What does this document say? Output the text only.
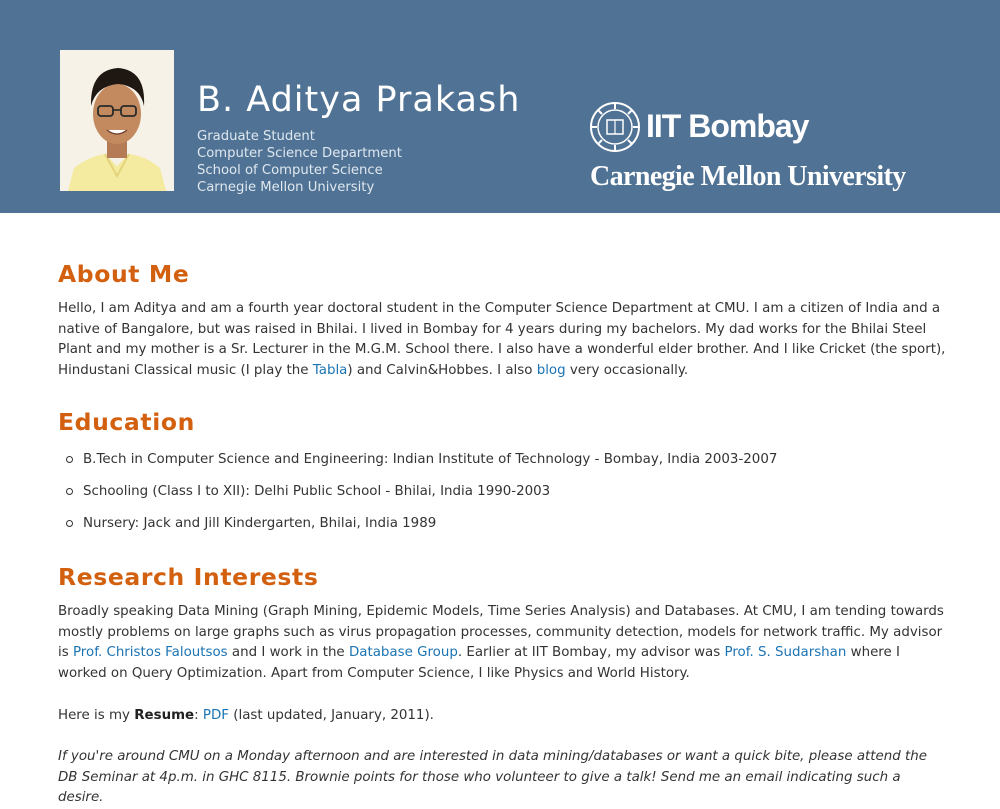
B. Aditya Prakash
Graduate Student
Computer Science Department
School of Computer Science
Carnegie Mellon University
IIT Bombay
Carnegie Mellon University
About Me

Hello, I am Aditya and am a fourth year doctoral student in the Computer Science Department at CMU. I am a citizen of India and a native of Bangalore, but was raised in Bhilai. I lived in Bombay for 4 years during my bachelors. My dad works for the Bhilai Steel Plant and my mother is a Sr. Lecturer in the M.G.M. School there. I also have a wonderful elder brother. And I like Cricket (the sport), Hindustani Classical music (I play the Tabla) and Calvin&Hobbes. I also blog very occasionally.

Education
B.Tech in Computer Science and Engineering: Indian Institute of Technology - Bombay, India 2003-2007
Schooling (Class I to XII): Delhi Public School - Bhilai, India 1990-2003
Nursery: Jack and Jill Kindergarten, Bhilai, India 1989
Research Interests

Broadly speaking Data Mining (Graph Mining, Epidemic Models, Time Series Analysis) and Databases. At CMU, I am tending towards mostly problems on large graphs such as virus propagation processes, community detection, models for network traffic. My advisor is Prof. Christos Faloutsos and I work in the Database Group. Earlier at IIT Bombay, my advisor was Prof. S. Sudarshan where I worked on Query Optimization. Apart from Computer Science, I like Physics and World History.

Here is my Resume: PDF (last updated, January, 2011).

If you're around CMU on a Monday afternoon and are interested in data mining/databases or want a quick bite, please attend the DB Seminar at 4p.m. in GHC 8115. Brownie points for those who volunteer to give a talk! Send me an email indicating such a desire.
